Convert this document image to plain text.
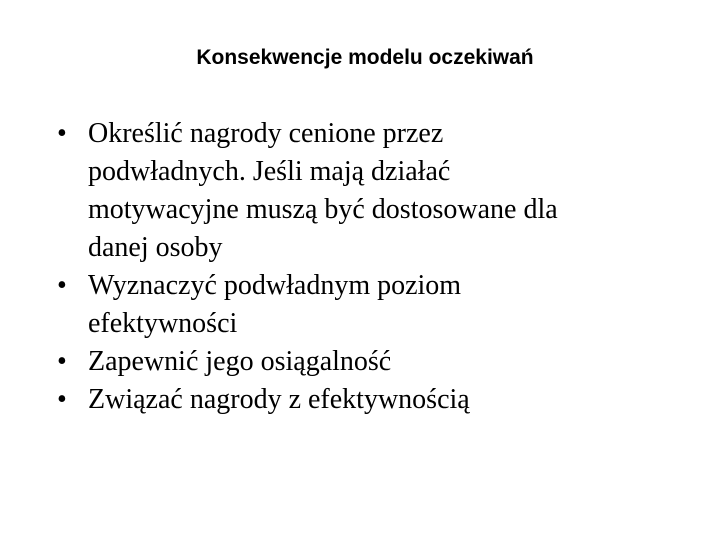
Konsekwencje modelu oczekiwań
• Określić nagrody cenione przez
podwładnych. Jeśli mają działać
motywacyjne muszą być dostosowane dla
danej osoby
• Wyznaczyć podwładnym poziom
efektywności
• Zapewnić jego osiągalność
• Związać nagrody z efektywnością
